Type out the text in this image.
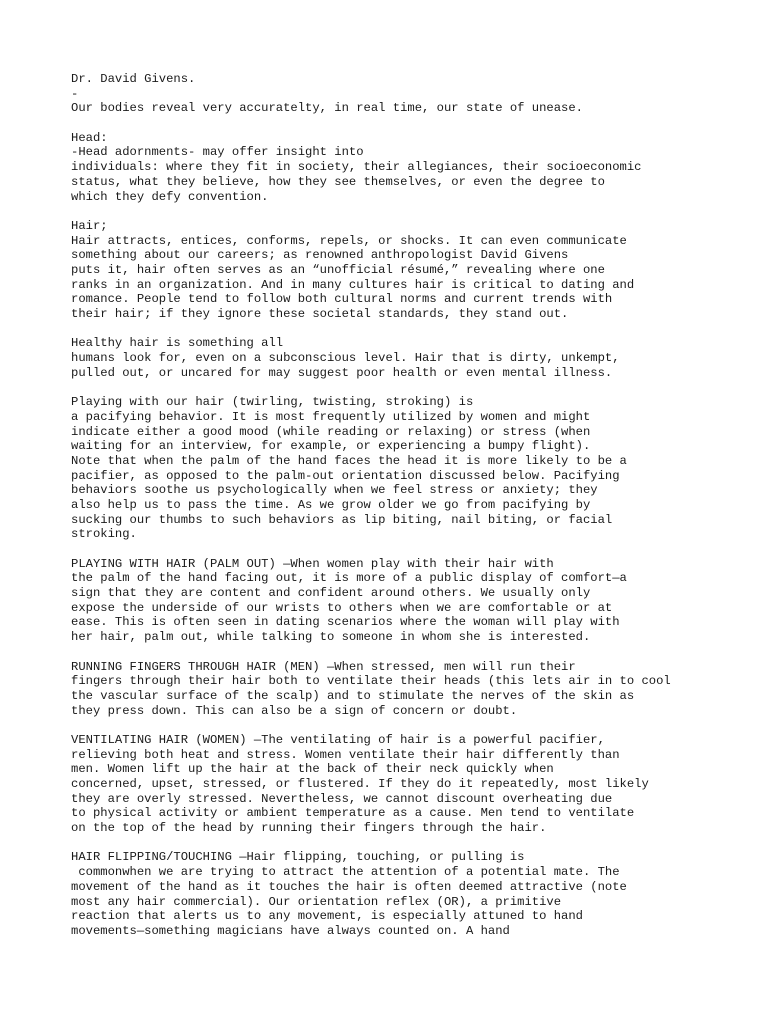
Dr. David Givens.
-
Our bodies reveal very accuratelty, in real time, our state of unease.
Head:
-Head adornments- may offer insight into
individuals: where they fit in society, their allegiances, their socioeconomic
status, what they believe, how they see themselves, or even the degree to
which they defy convention.
Hair;
Hair attracts, entices, conforms, repels, or shocks. It can even communicate
something about our careers; as renowned anthropologist David Givens
puts it, hair often serves as an “unofficial résumé,” revealing where one
ranks in an organization. And in many cultures hair is critical to dating and
romance. People tend to follow both cultural norms and current trends with
their hair; if they ignore these societal standards, they stand out.
Healthy hair is something all
humans look for, even on a subconscious level. Hair that is dirty, unkempt,
pulled out, or uncared for may suggest poor health or even mental illness.
Playing with our hair (twirling, twisting, stroking) is
a pacifying behavior. It is most frequently utilized by women and might
indicate either a good mood (while reading or relaxing) or stress (when
waiting for an interview, for example, or experiencing a bumpy flight).
Note that when the palm of the hand faces the head it is more likely to be a
pacifier, as opposed to the palm-out orientation discussed below. Pacifying
behaviors soothe us psychologically when we feel stress or anxiety; they
also help us to pass the time. As we grow older we go from pacifying by
sucking our thumbs to such behaviors as lip biting, nail biting, or facial
stroking.
PLAYING WITH HAIR (PALM OUT) —When women play with their hair with
the palm of the hand facing out, it is more of a public display of comfort—a
sign that they are content and confident around others. We usually only
expose the underside of our wrists to others when we are comfortable or at
ease. This is often seen in dating scenarios where the woman will play with
her hair, palm out, while talking to someone in whom she is interested.
RUNNING FINGERS THROUGH HAIR (MEN) —When stressed, men will run their
fingers through their hair both to ventilate their heads (this lets air in to cool
the vascular surface of the scalp) and to stimulate the nerves of the skin as
they press down. This can also be a sign of concern or doubt.
VENTILATING HAIR (WOMEN) —The ventilating of hair is a powerful pacifier,
relieving both heat and stress. Women ventilate their hair differently than
men. Women lift up the hair at the back of their neck quickly when
concerned, upset, stressed, or flustered. If they do it repeatedly, most likely
they are overly stressed. Nevertheless, we cannot discount overheating due
to physical activity or ambient temperature as a cause. Men tend to ventilate
on the top of the head by running their fingers through the hair.
HAIR FLIPPING/TOUCHING —Hair flipping, touching, or pulling is
commonwhen we are trying to attract the attention of a potential mate. The
movement of the hand as it touches the hair is often deemed attractive (note
most any hair commercial). Our orientation reflex (OR), a primitive
reaction that alerts us to any movement, is especially attuned to hand
movements—something magicians have always counted on. A hand
